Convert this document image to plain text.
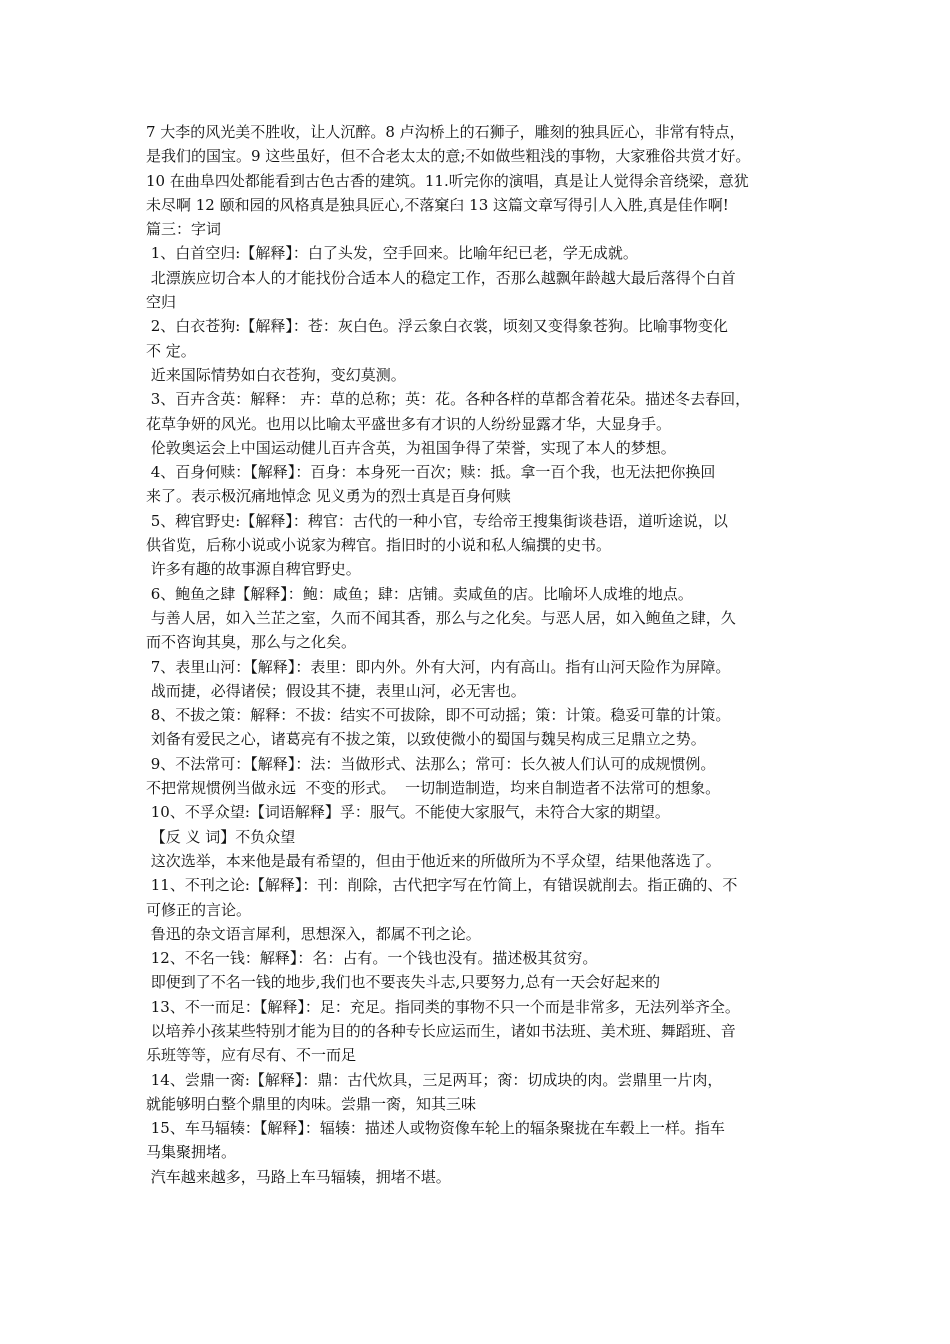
7 大李的风光美不胜收，让人沉醉。8 卢沟桥上的石狮子，雕刻的独具匠心，非常有特点，
是我们的国宝。9 这些虽好，但不合老太太的意;不如做些粗浅的事物，大家雅俗共赏才好。
10 在曲阜四处都能看到古色古香的建筑。11.听完你的演唱，真是让人觉得余音绕梁，意犹
未尽啊 12 颐和园的风格真是独具匠心,不落窠臼 13 这篇文章写得引人入胜,真是佳作啊!
篇三：字词
1、白首空归:【解释】：白了头发，空手回来。比喻年纪已老，学无成就。
北漂族应切合本人的才能找份合适本人的稳定工作，否那么越飘年龄越大最后落得个白首
空归
2、白衣苍狗:【解释】：苍：灰白色。浮云象白衣裳，顷刻又变得象苍狗。比喻事物变化
不 定。
近来国际情势如白衣苍狗，变幻莫测。
3、百卉含英：解释： 卉：草的总称；英：花。各种各样的草都含着花朵。描述冬去春回，
花草争妍的风光。也用以比喻太平盛世多有才识的人纷纷显露才华，大显身手。
伦敦奥运会上中国运动健儿百卉含英，为祖国争得了荣誉，实现了本人的梦想。
4、百身何赎：【解释】：百身：本身死一百次；赎：抵。拿一百个我，也无法把你换回
来了。表示极沉痛地悼念 见义勇为的烈士真是百身何赎
5、稗官野史:【解释】：稗官：古代的一种小官，专给帝王搜集街谈巷语，道听途说，以
供省览，后称小说或小说家为稗官。指旧时的小说和私人编撰的史书。
许多有趣的故事源自稗官野史。
6、鲍鱼之肆【解释】：鲍：咸鱼；肆：店铺。卖咸鱼的店。比喻坏人成堆的地点。
与善人居，如入兰芷之室，久而不闻其香，那么与之化矣。与恶人居，如入鲍鱼之肆，久
而不咨询其臭，那么与之化矣。
7、表里山河：【解释】：表里：即内外。外有大河，内有高山。指有山河天险作为屏障。
战而捷，必得诸侯；假设其不捷，表里山河，必无害也。
8、不拔之策：解释：不拔：结实不可拔除，即不可动摇；策：计策。稳妥可靠的计策。
刘备有爱民之心，诸葛亮有不拔之策，以致使微小的蜀国与魏吴构成三足鼎立之势。
9、不法常可：【解释】：法：当做形式、法那么；常可：长久被人们认可的成规惯例。
不把常规惯例当做永远  不变的形式。  一切制造制造，均来自制造者不法常可的想象。
10、不孚众望:【词语解释】孚：服气。不能使大家服气，未符合大家的期望。
【反 义 词】不负众望
这次选举，本来他是最有希望的，但由于他近来的所做所为不孚众望，结果他落选了。
11、不刊之论:【解释】：刊：削除，古代把字写在竹简上，有错误就削去。指正确的、不
可修正的言论。
鲁迅的杂文语言犀利，思想深入，都属不刊之论。
12、不名一钱：解释】：名：占有。一个钱也没有。描述极其贫穷。
即便到了不名一钱的地步,我们也不要丧失斗志,只要努力,总有一天会好起来的
13、不一而足：【解释】：足：充足。指同类的事物不只一个而是非常多，无法列举齐全。
以培养小孩某些特别才能为目的的各种专长应运而生，诸如书法班、美术班、舞蹈班、音
乐班等等，应有尽有、不一而足
14、尝鼎一脔:【解释】：鼎：古代炊具，三足两耳；脔：切成块的肉。尝鼎里一片肉，
就能够明白整个鼎里的肉味。尝鼎一脔，知其三味
15、车马辐辏：【解释】：辐辏：描述人或物资像车轮上的辐条聚拢在车毂上一样。指车
马集聚拥堵。
汽车越来越多，马路上车马辐辏，拥堵不堪。
